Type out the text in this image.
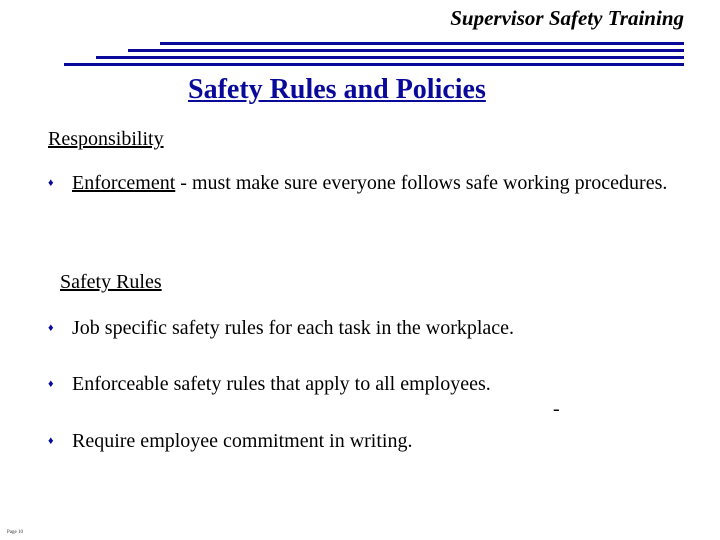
Supervisor Safety Training
Safety Rules and Policies
Responsibility
♦ Enforcement - must make sure everyone follows safe working procedures.
Safety Rules
♦ Job specific safety rules for each task in the workplace.
♦ Enforceable safety rules that apply to all employees.
-
♦ Require employee commitment in writing.
Page 10
